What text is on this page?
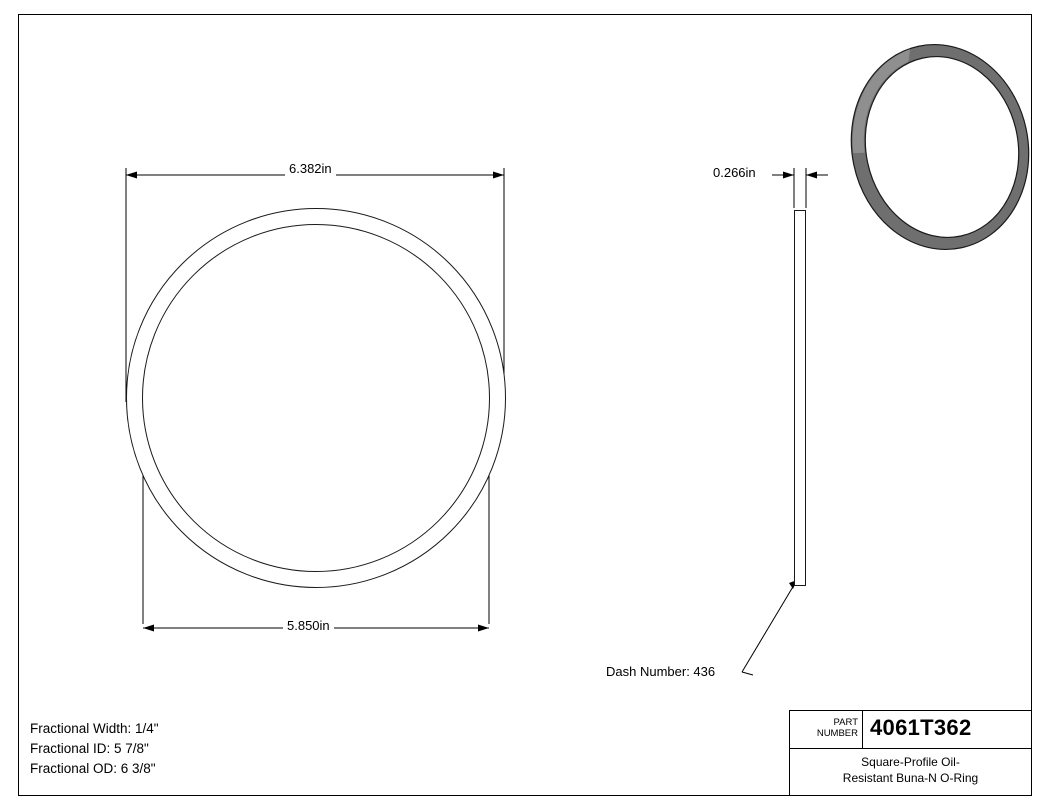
6.382in
5.850in
0.266in
Dash Number: 436
Fractional Width: 1/4"
Fractional ID: 5 7/8"
Fractional OD: 6 3/8"
PART
NUMBER 4061T362
Square-Profile Oil-
Resistant Buna-N O-Ring
